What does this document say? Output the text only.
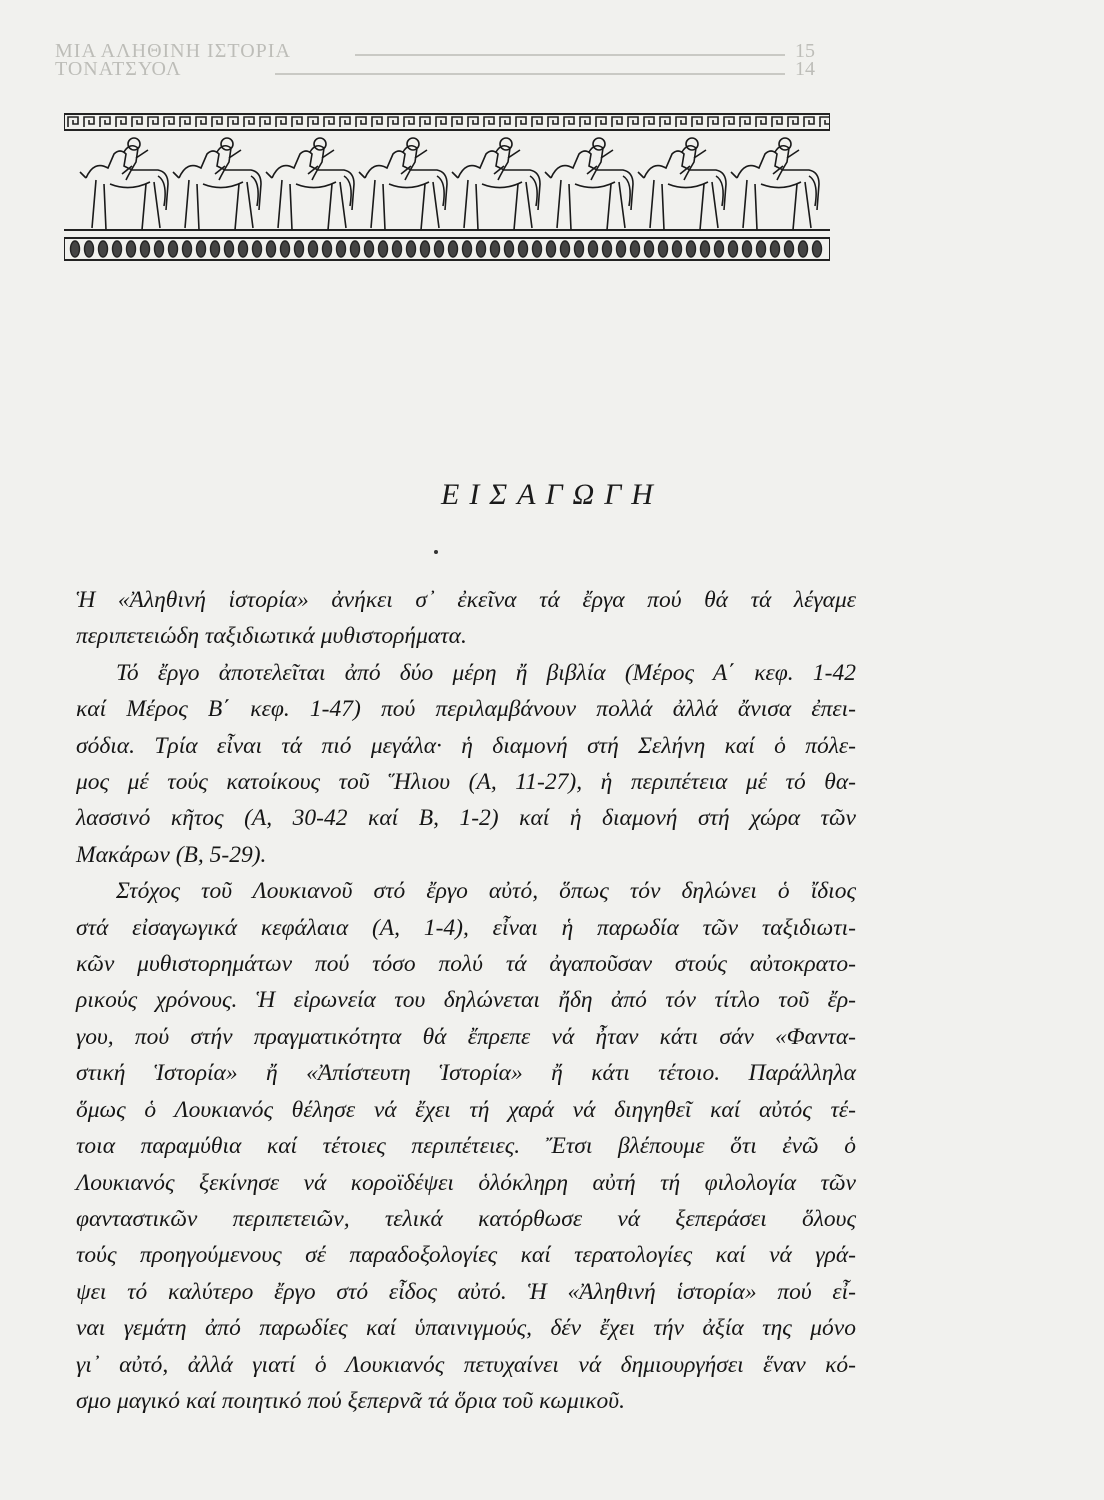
ΜΙΑ ΑΛΗΘΙΝΗ ΙΣΤΟΡΙΑ
ΤΟΝΑΤΣΥΟΛ
15
14
ΕΙΣΑΓΩΓΗ

Ἡ «Ἀληθινή ἱστορία» ἀνήκει σ᾽ ἐκεῖνα τά ἔργα πού θά τά λέγαμε
περιπετειώδη ταξιδιωτικά μυθιστορήματα.

Τό ἔργο ἀποτελεῖται ἀπό δύο μέρη ἤ βιβλία (Μέρος Α΄ κεφ. 1-42
καί Μέρος Β΄ κεφ. 1-47) πού περιλαμβάνουν πολλά ἀλλά ἄνισα ἐπει-
σόδια. Τρία εἶναι τά πιό μεγάλα· ἡ διαμονή στή Σελήνη καί ὁ πόλε-
μος μέ τούς κατοίκους τοῦ Ἥλιου (Α, 11-27), ἡ περιπέτεια μέ τό θα-
λασσινό κῆτος (Α, 30-42 καί Β, 1-2) καί ἡ διαμονή στή χώρα τῶν
Μακάρων (Β, 5-29).

Στόχος τοῦ Λουκιανοῦ στό ἔργο αὐτό, ὅπως τόν δηλώνει ὁ ἴδιος
στά εἰσαγωγικά κεφάλαια (Α, 1-4), εἶναι ἡ παρωδία τῶν ταξιδιωτι-
κῶν μυθιστορημάτων πού τόσο πολύ τά ἀγαποῦσαν στούς αὐτοκρατο-
ρικούς χρόνους. Ἡ εἰρωνεία του δηλώνεται ἤδη ἀπό τόν τίτλο τοῦ ἔρ-
γου, πού στήν πραγματικότητα θά ἔπρεπε νά ἦταν κάτι σάν «Φαντα-
στική Ἱστορία» ἤ «Ἀπίστευτη Ἱστορία» ἤ κάτι τέτοιο. Παράλληλα
ὅμως ὁ Λουκιανός θέλησε νά ἔχει τή χαρά νά διηγηθεῖ καί αὐτός τέ-
τοια παραμύθια καί τέτοιες περιπέτειες. Ἔτσι βλέπουμε ὅτι ἐνῶ ὁ
Λουκιανός ξεκίνησε νά κοροϊδέψει ὁλόκληρη αὐτή τή φιλολογία τῶν
φανταστικῶν περιπετειῶν, τελικά κατόρθωσε νά ξεπεράσει ὅλους
τούς προηγούμενους σέ παραδοξολογίες καί τερατολογίες καί νά γρά-
ψει τό καλύτερο ἔργο στό εἶδος αὐτό. Ἡ «Ἀληθινή ἱστορία» πού εἶ-
ναι γεμάτη ἀπό παρωδίες καί ὑπαινιγμούς, δέν ἔχει τήν ἀξία της μόνο
γι᾽ αὐτό, ἀλλά γιατί ὁ Λουκιανός πετυχαίνει νά δημιουργήσει ἕναν κό-
σμο μαγικό καί ποιητικό πού ξεπερνᾶ τά ὅρια τοῦ κωμικοῦ.
